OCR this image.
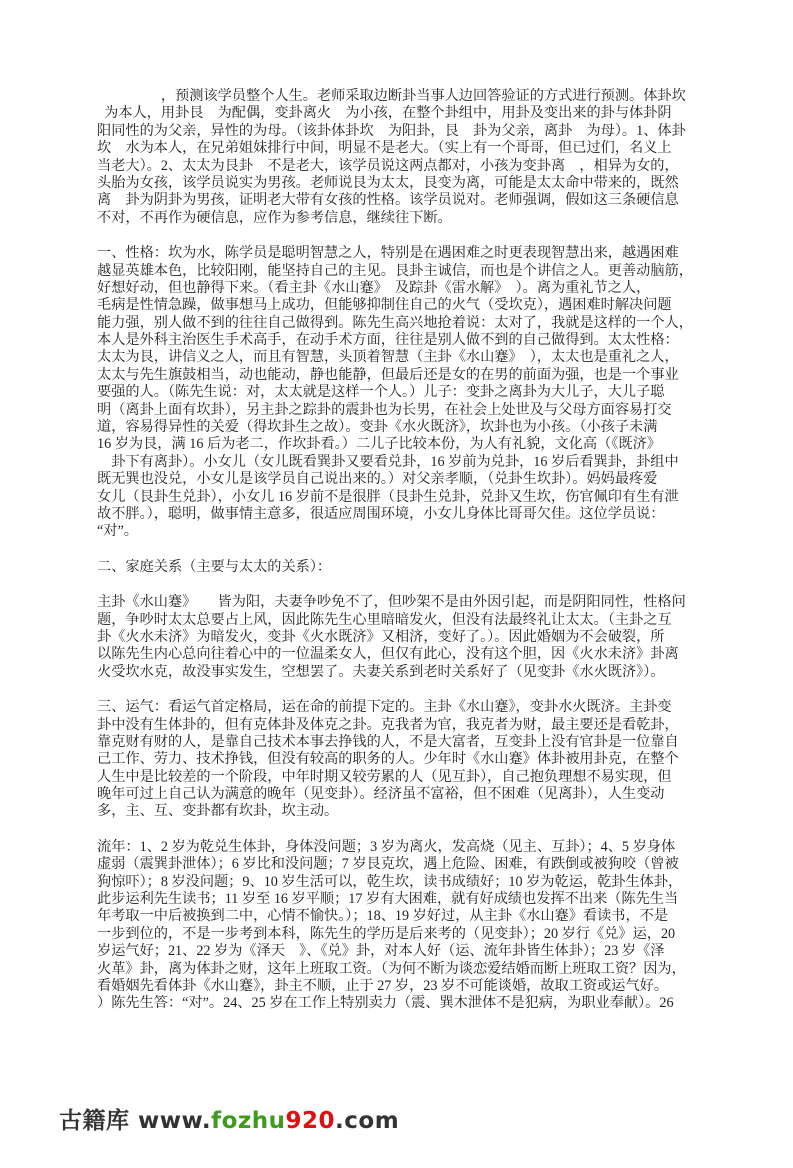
　　　　 ，预测该学员整个人生。老师采取边断卦当事人边回答验证的方式进行预测。体卦坎
 为本人，用卦艮　为配偶，变卦离火　为小孩，在整个卦组中，用卦及变出来的卦与体卦阴
阳同性的为父亲，异性的为母。（该卦体卦坎　为阳卦，艮　卦为父亲，离卦　为母）。1、体卦
坎　水为本人，在兄弟姐妹排行中间，明显不是老大。（实上有一个哥哥，但已过们，名义上
当老大）。2、太太为艮卦　不是老大，该学员说这两点都对，小孩为变卦离　，相异为女的，
头胎为女孩，该学员说实为男孩。老师说艮为太太，艮变为离，可能是太太命中带来的，既然
离　卦为阴卦为男孩，证明老大带有女孩的性格。该学员说对。老师强调，假如这三条硬信息
不对，不再作为硬信息，应作为参考信息，继续往下断。
一、性格：坎为水，陈学员是聪明智慧之人，特别是在遇困难之时更表现智慧出来，越遇困难
越显英雄本色，比较阳刚，能坚持自己的主见。艮卦主诚信，而也是个讲信之人。更善动脑筋，
好想好动，但也静得下来。（看主卦《水山蹇》　及踪卦《雷水解》　）。离为重礼节之人，
毛病是性情急躁，做事想马上成功，但能够抑制住自己的火气（受坎克），遇困难时解决问题
能力强，别人做不到的往往自己做得到。陈先生高兴地抢着说：太对了，我就是这样的一个人，
本人是外科主治医生手术高手，在动手术方面，往往是别人做不到的自己做得到。太太性格：
太太为艮，讲信义之人，而且有智慧，头顶着智慧（主卦《水山蹇》　），太太也是重礼之人，
太太与先生旗鼓相当，动也能动，静也能静，但最后还是女的在男的前面为强，也是一个事业
要强的人。（陈先生说：对，太太就是这样一个人。）儿子：变卦之离卦为大儿子，大儿子聪
明（离卦上面有坎卦），另主卦之踪卦的震卦也为长男，在社会上处世及与父母方面容易打交
道，容易得异性的关爱（得坎卦生之故）。变卦《水火既济》，坎卦也为小孩。（小孩子未满
16 岁为艮，满 16 后为老二，作坎卦看。）二儿子比较本份，为人有礼貌，文化高（《既济》
　卦下有离卦）。小女儿（女儿既看巽卦又要看兑卦，16 岁前为兑卦，16 岁后看巽卦，卦组中
既无巽也没兑，小女儿是该学员自己说出来的。）对父亲孝顺，（兑卦生坎卦）。妈妈最疼爱
女儿（艮卦生兑卦），小女儿 16 岁前不是很胖（艮卦生兑卦，兑卦又生坎，伤官佩印有生有泄
故不胖。），聪明，做事情主意多，很适应周围环境，小女儿身体比哥哥欠佳。这位学员说：
“对”。
二、家庭关系（主要与太太的关系）：
主卦《水山蹇》　　皆为阳，夫妻争吵免不了，但吵架不是由外因引起，而是阴阳同性，性格问
题，争吵时太太总要占上风，因此陈先生心里暗暗发火，但没有法最终礼让太太。（主卦之互
卦《火水未济》为暗发火，变卦《火水既济》又相济，变好了。）。因此婚姻为不会破裂，所
以陈先生内心总向往着心中的一位温柔女人，但仅有此心，没有这个胆，因《火水未济》卦离
火受坎水克，故没事实发生，空想罢了。夫妻关系到老时关系好了（见变卦《水火既济》）。
三、运气：看运气首定格局，运在命的前提下定的。主卦《水山蹇》，变卦水火既济。主卦变
卦中没有生体卦的，但有克体卦及体克之卦。克我者为官，我克者为财，最主要还是看乾卦，
靠克财有财的人，是靠自己技术本事去挣钱的人，不是大富者，互变卦上没有官卦是一位靠自
己工作、劳力、技术挣钱，但没有较高的职务的人。少年时《水山蹇》体卦被用卦克，在整个
人生中是比较差的一个阶段，中年时期又较劳累的人（见互卦），自己抱负理想不易实现，但
晚年可过上自己认为满意的晚年（见变卦）。经济虽不富裕，但不困难（见离卦），人生变动
多，主、互、变卦都有坎卦，坎主动。
流年：1、2 岁为乾兑生体卦，身体没问题；3 岁为离火，发高烧（见主、互卦）；4、5 岁身体
虚弱（震巽卦泄体）；6 岁比和没问题；7 岁艮克坎，遇上危险、困难，有跌倒或被狗咬（曾被
狗惊吓）；8 岁没问题；9、10 岁生活可以，乾生坎，读书成绩好；10 岁为乾运，乾卦生体卦，
此步运利先生读书；11 岁至 16 岁平顺；17 岁有大困难，就有好成绩也发挥不出来（陈先生当
年考取一中后被换到二中，心情不愉快。）；18、19 岁好过，从主卦《水山蹇》看读书，不是
一步到位的，不是一步考到本科，陈先生的学历是后来考的（见变卦）；20 岁行《兑》运，20
岁运气好；21、22 岁为《泽天　》、《兑》卦，对本人好（运、流年卦皆生体卦）；23 岁《泽
火革》卦，离为体卦之财，这年上班取工资。（为何不断为谈恋爱结婚而断上班取工资？因为，
看婚姻先看体卦《水山蹇》，卦主不顺，止于 27 岁，23 岁不可能谈婚，故取工资或运气好。
）陈先生答：“对”。24、25 岁在工作上特别卖力（震、巽木泄体不是犯病，为职业奉献）。26

古籍库 www.fozhu920.com
